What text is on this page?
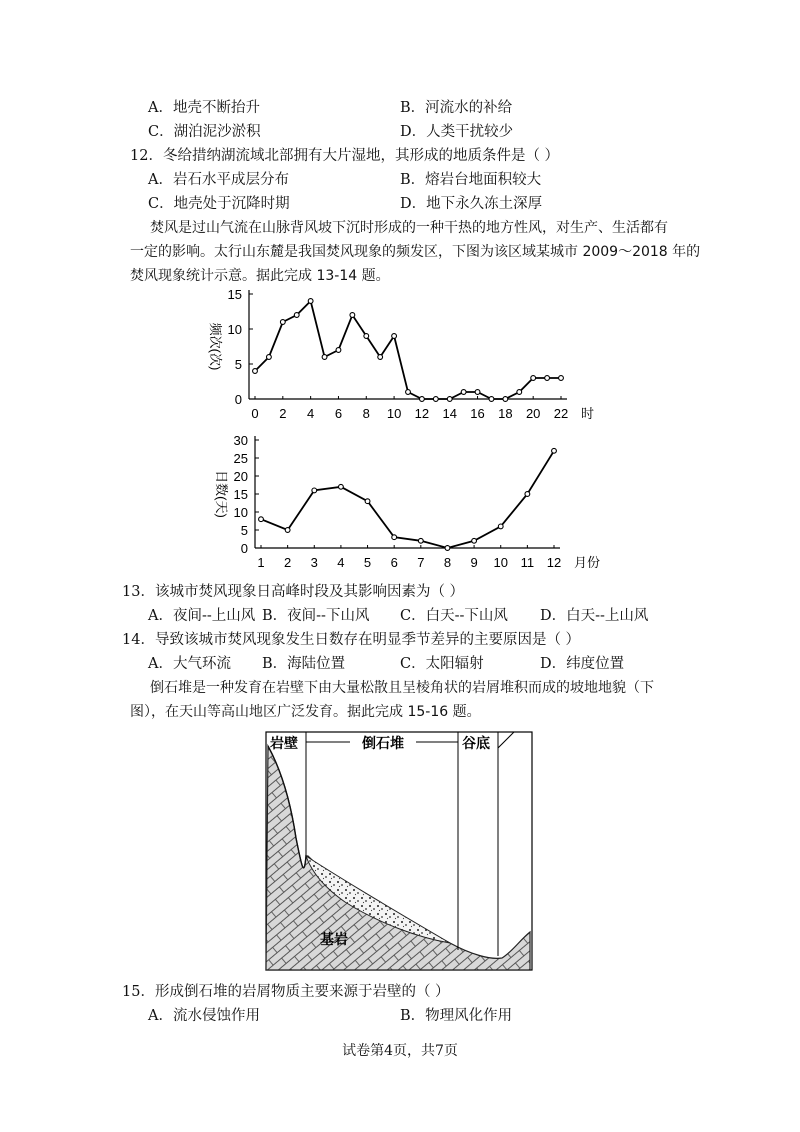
A．地壳不断抬升	B．河流水的补给
C．湖泊泥沙淤积	D．人类干扰较少
12．冬给措纳湖流域北部拥有大片湿地，其形成的地质条件是（ ）
A．岩石水平成层分布	B．熔岩台地面积较大
C．地壳处于沉降时期	D．地下永久冻土深厚
焚风是过山气流在山脉背风坡下沉时形成的一种干热的地方性风，对生产、生活都有
一定的影响。太行山东麓是我国焚风现象的频发区，下图为该区域某城市 2009～2018 年的
焚风现象统计示意。据此完成 13-14 题。
0
5
10
15
0 2 4 6 8 10 12 14 16 18 20 22 时
频次(次)
0
5
10
15
20
25
30
1 2 3 4 5 6 7 8 9 10 11 12 月份
日数(天)
13．该城市焚风现象日高峰时段及其影响因素为（ ）
A．夜间--上山风 B．夜间--下山风 C．白天--下山风 D．白天--上山风
14．导致该城市焚风现象发生日数存在明显季节差异的主要原因是（ ）
A．大气环流 B．海陆位置	C．太阳辐射	D．纬度位置
倒石堆是一种发育在岩壁下由大量松散且呈棱角状的岩屑堆积而成的坡地地貌（下
图），在天山等高山地区广泛发育。据此完成 15-16 题。
岩壁	倒石堆	谷底
基岩
15．形成倒石堆的岩屑物质主要来源于岩壁的（ ）
A．流水侵蚀作用	B．物理风化作用
试卷第4页，共7页
